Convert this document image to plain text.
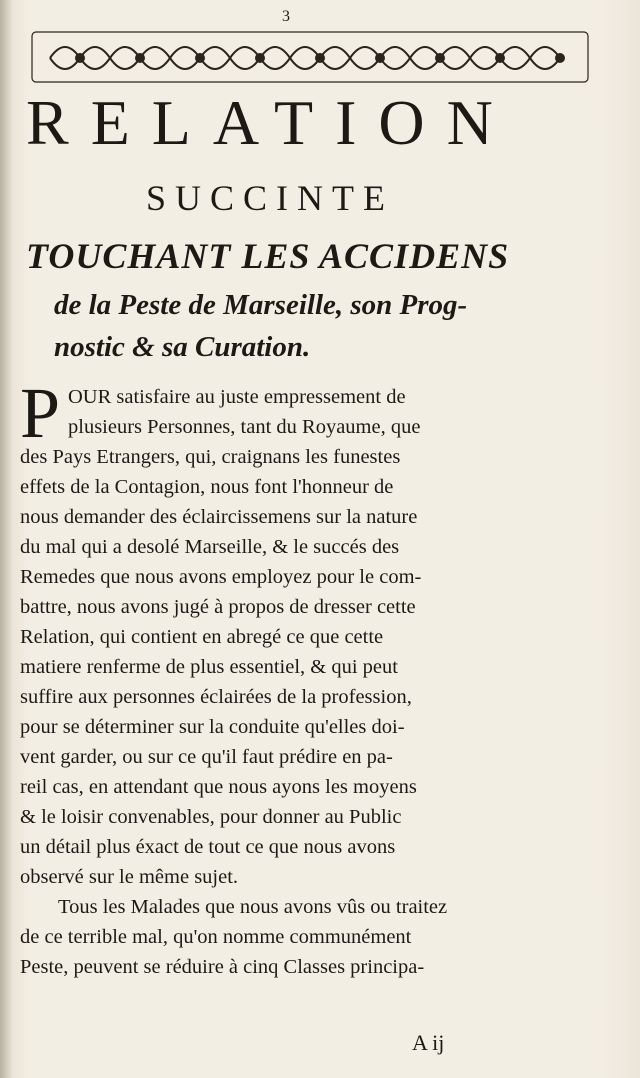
3
RELATION
SUCCINTE
TOUCHANT LES ACCIDENS
de la Peste de Marseille, son Prog-
nostic & sa Curation.
P OUR satisfaire au juste empressement de
plusieurs Personnes, tant du Royaume, que
des Pays Etrangers, qui, craignans les funestes
effets de la Contagion, nous font l'honneur de
nous demander des éclaircissemens sur la nature
du mal qui a desolé Marseille, & le succés des
Remedes que nous avons employez pour le com-
battre, nous avons jugé à propos de dresser cette
Relation, qui contient en abregé ce que cette
matiere renferme de plus essentiel, & qui peut
suffire aux personnes éclairées de la profession,
pour se déterminer sur la conduite qu'elles doi-
vent garder, ou sur ce qu'il faut prédire en pa-
reil cas, en attendant que nous ayons les moyens
& le loisir convenables, pour donner au Public
un détail plus éxact de tout ce que nous avons
observé sur le même sujet.
Tous les Malades que nous avons vûs ou traitez
de ce terrible mal, qu'on nomme communément
Peste, peuvent se réduire à cinq Classes principa-
A ij
